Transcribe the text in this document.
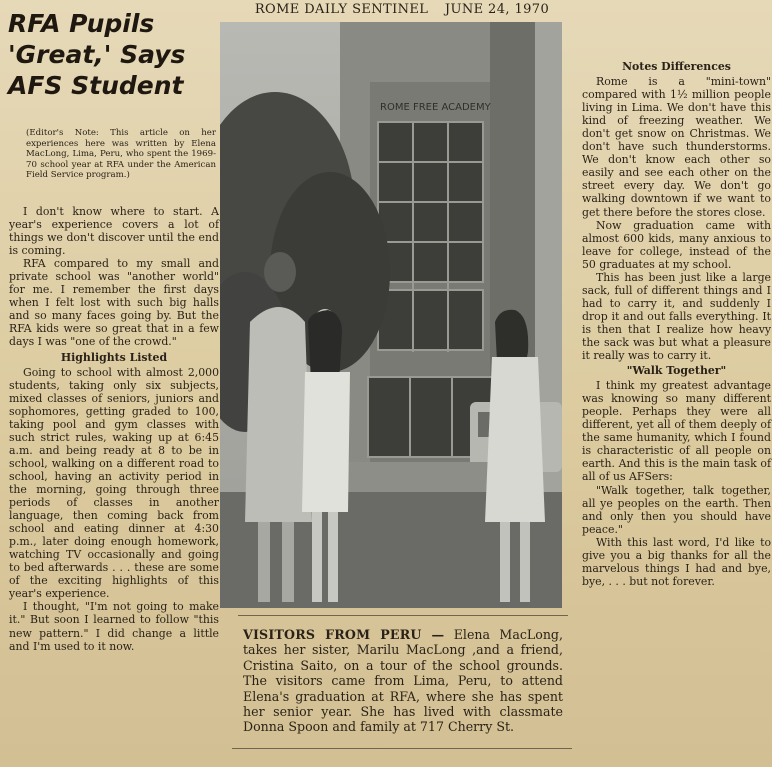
ROME DAILY SENTINEL JUNE 24, 1970
RFA Pupils
'Great,' Says
AFS Student
(Editor's Note: This article on her experiences here was written by Elena MacLong, Lima, Peru, who spent the 1969-70 school year at RFA under the American Field Service program.)

I don't know where to start. A year's experience covers a lot of things we don't discover until the end is coming.

RFA compared to my small and private school was "another world" for me. I remember the first days when I felt lost with such big halls and so many faces going by. But the RFA kids were so great that in a few days I was "one of the crowd."

Highlights Listed

Going to school with almost 2,000 students, taking only six subjects, mixed classes of seniors, juniors and sophomores, getting graded to 100, taking pool and gym classes with such strict rules, waking up at 6:45 a.m. and being ready at 8 to be in school, walking on a different road to school, having an activity period in the morning, going through three periods of classes in another language, then coming back from school and eating dinner at 4:30 p.m., later doing enough homework, watching TV occasionally and going to bed afterwards . . . these are some of the exciting highlights of this year's experience.

I thought, "I'm not going to make it." But soon I learned to follow "this new pattern." I did change a little and I'm used to it now.

ROME FREE ACADEMY
VISITORS FROM PERU — Elena MacLong, takes her sister, Marilu MacLong ,and a friend, Cristina Saito, on a tour of the school grounds. The visitors came from Lima, Peru, to attend Elena's graduation at RFA, where she has spent her senior year. She has lived with classmate Donna Spoon and family at 717 Cherry St.

Notes Differences

Rome is a "mini-town" compared with 1½ million people living in Lima. We don't have this kind of freezing weather. We don't get snow on Christmas. We don't have such thunderstorms. We don't know each other so easily and see each other on the street every day. We don't go walking downtown if we want to get there before the stores close.

Now graduation came with almost 600 kids, many anxious to leave for college, instead of the 50 graduates at my school.

This has been just like a large sack, full of different things and I had to carry it, and suddenly I drop it and out falls everything. It is then that I realize how heavy the sack was but what a pleasure it really was to carry it.

"Walk Together"

I think my greatest advantage was knowing so many different people. Perhaps they were all different, yet all of them deeply of the same humanity, which I found is characteristic of all people on earth. And this is the main task of all of us AFSers:

"Walk together, talk together, all ye peoples on the earth. Then and only then you should have peace."

With this last word, I'd like to give you a big thanks for all the marvelous things I had and bye, bye, . . . but not forever.
